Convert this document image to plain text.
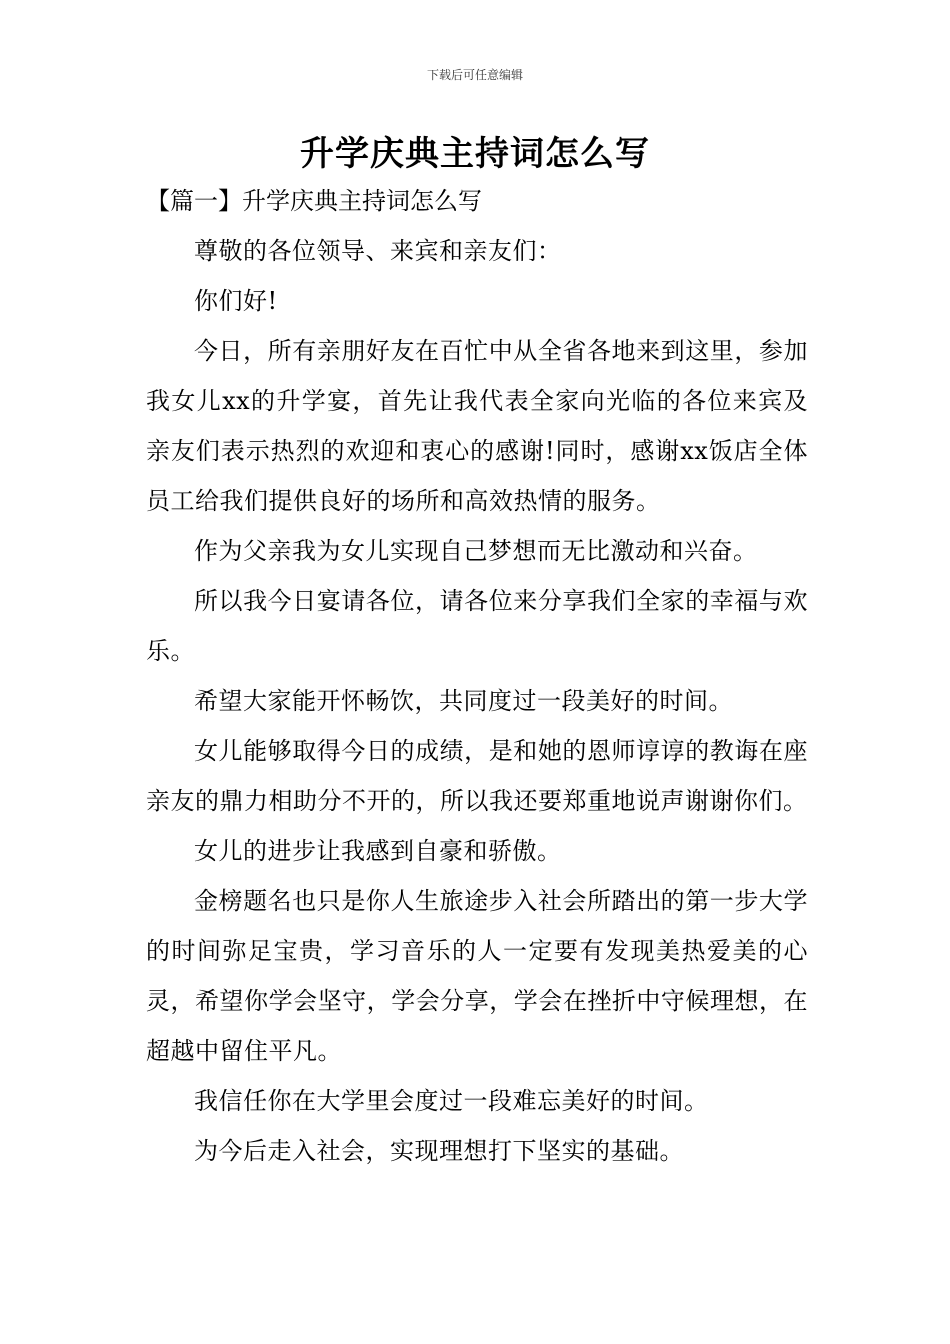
下载后可任意编辑
升学庆典主持词怎么写

【篇一】升学庆典主持词怎么写

尊敬的各位领导、来宾和亲友们：

你们好!

今日，所有亲朋好友在百忙中从全省各地来到这里，参加我女儿xx的升学宴，首先让我代表全家向光临的各位来宾及亲友们表示热烈的欢迎和衷心的感谢!同时，感谢xx饭店全体员工给我们提供良好的场所和高效热情的服务。

作为父亲我为女儿实现自己梦想而无比激动和兴奋。

所以我今日宴请各位，请各位来分享我们全家的幸福与欢乐。

希望大家能开怀畅饮，共同度过一段美好的时间。

女儿能够取得今日的成绩，是和她的恩师谆谆的教诲在座亲友的鼎力相助分不开的，所以我还要郑重地说声谢谢你们。

女儿的进步让我感到自豪和骄傲。

金榜题名也只是你人生旅途步入社会所踏出的第一步大学的时间弥足宝贵，学习音乐的人一定要有发现美热爱美的心灵，希望你学会坚守，学会分享，学会在挫折中守候理想，在超越中留住平凡。

我信任你在大学里会度过一段难忘美好的时间。

为今后走入社会，实现理想打下坚实的基础。
